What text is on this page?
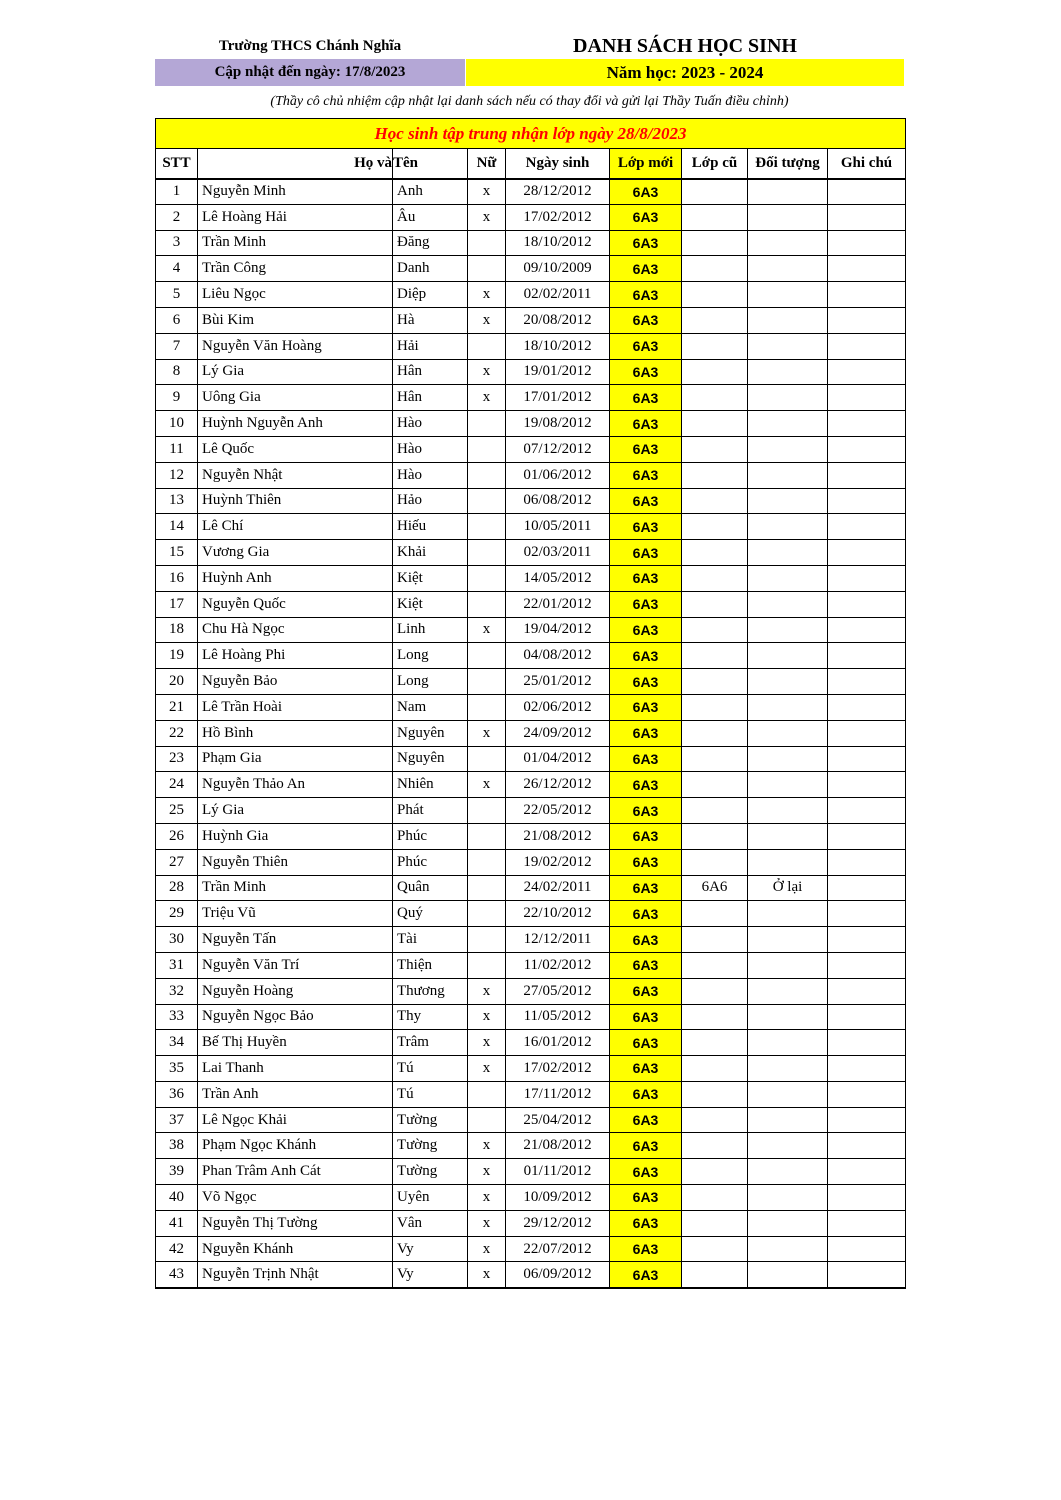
Trường THCS Chánh Nghĩa	DANH SÁCH HỌC SINH
Cập nhật đến ngày: 17/8/2023	Năm học: 2023 - 2024
(Thầy cô chủ nhiệm cập nhật lại danh sách nếu có thay đổi và gửi lại Thầy Tuấn điều chỉnh)
Học sinh tập trung nhận lớp ngày 28/8/2023								
STT	Họ và	Tên	Nữ	Ngày sinh	Lớp mới	Lớp cũ	Đối tượng	Ghi chú
1	Nguyễn Minh	Anh	x	28/12/2012	6A3			
2	Lê Hoàng Hải	Âu	x	17/02/2012	6A3			
3	Trần Minh	Đăng		18/10/2012	6A3			
4	Trần Công	Danh		09/10/2009	6A3			
5	Liêu Ngọc	Diệp	x	02/02/2011	6A3			
6	Bùi Kim	Hà	x	20/08/2012	6A3			
7	Nguyễn Văn Hoàng	Hải		18/10/2012	6A3			
8	Lý Gia	Hân	x	19/01/2012	6A3			
9	Uông Gia	Hân	x	17/01/2012	6A3			
10	Huỳnh Nguyễn Anh	Hào		19/08/2012	6A3			
11	Lê Quốc	Hào		07/12/2012	6A3			
12	Nguyễn Nhật	Hào		01/06/2012	6A3			
13	Huỳnh Thiên	Hảo		06/08/2012	6A3			
14	Lê Chí	Hiếu		10/05/2011	6A3			
15	Vương Gia	Khải		02/03/2011	6A3			
16	Huỳnh Anh	Kiệt		14/05/2012	6A3			
17	Nguyễn Quốc	Kiệt		22/01/2012	6A3			
18	Chu Hà Ngọc	Linh	x	19/04/2012	6A3			
19	Lê Hoàng Phi	Long		04/08/2012	6A3			
20	Nguyễn Bảo	Long		25/01/2012	6A3			
21	Lê Trần Hoài	Nam		02/06/2012	6A3			
22	Hồ Bình	Nguyên	x	24/09/2012	6A3			
23	Phạm Gia	Nguyên		01/04/2012	6A3			
24	Nguyễn Thảo An	Nhiên	x	26/12/2012	6A3			
25	Lý Gia	Phát		22/05/2012	6A3			
26	Huỳnh Gia	Phúc		21/08/2012	6A3			
27	Nguyễn Thiên	Phúc		19/02/2012	6A3			
28	Trần Minh	Quân		24/02/2011	6A3	6A6	Ở lại	
29	Triệu Vũ	Quý		22/10/2012	6A3			
30	Nguyễn Tấn	Tài		12/12/2011	6A3			
31	Nguyễn Văn Trí	Thiện		11/02/2012	6A3			
32	Nguyễn Hoàng	Thương	x	27/05/2012	6A3			
33	Nguyễn Ngọc Bảo	Thy	x	11/05/2012	6A3			
34	Bế Thị Huyền	Trâm	x	16/01/2012	6A3			
35	Lai Thanh	Tú	x	17/02/2012	6A3			
36	Trần Anh	Tú		17/11/2012	6A3			
37	Lê Ngọc Khải	Tường		25/04/2012	6A3			
38	Phạm Ngọc Khánh	Tường	x	21/08/2012	6A3			
39	Phan Trâm Anh Cát	Tường	x	01/11/2012	6A3			
40	Võ Ngọc	Uyên	x	10/09/2012	6A3			
41	Nguyễn Thị Tường	Vân	x	29/12/2012	6A3			
42	Nguyễn Khánh	Vy	x	22/07/2012	6A3			
43	Nguyễn Trịnh Nhật	Vy	x	06/09/2012	6A3			
